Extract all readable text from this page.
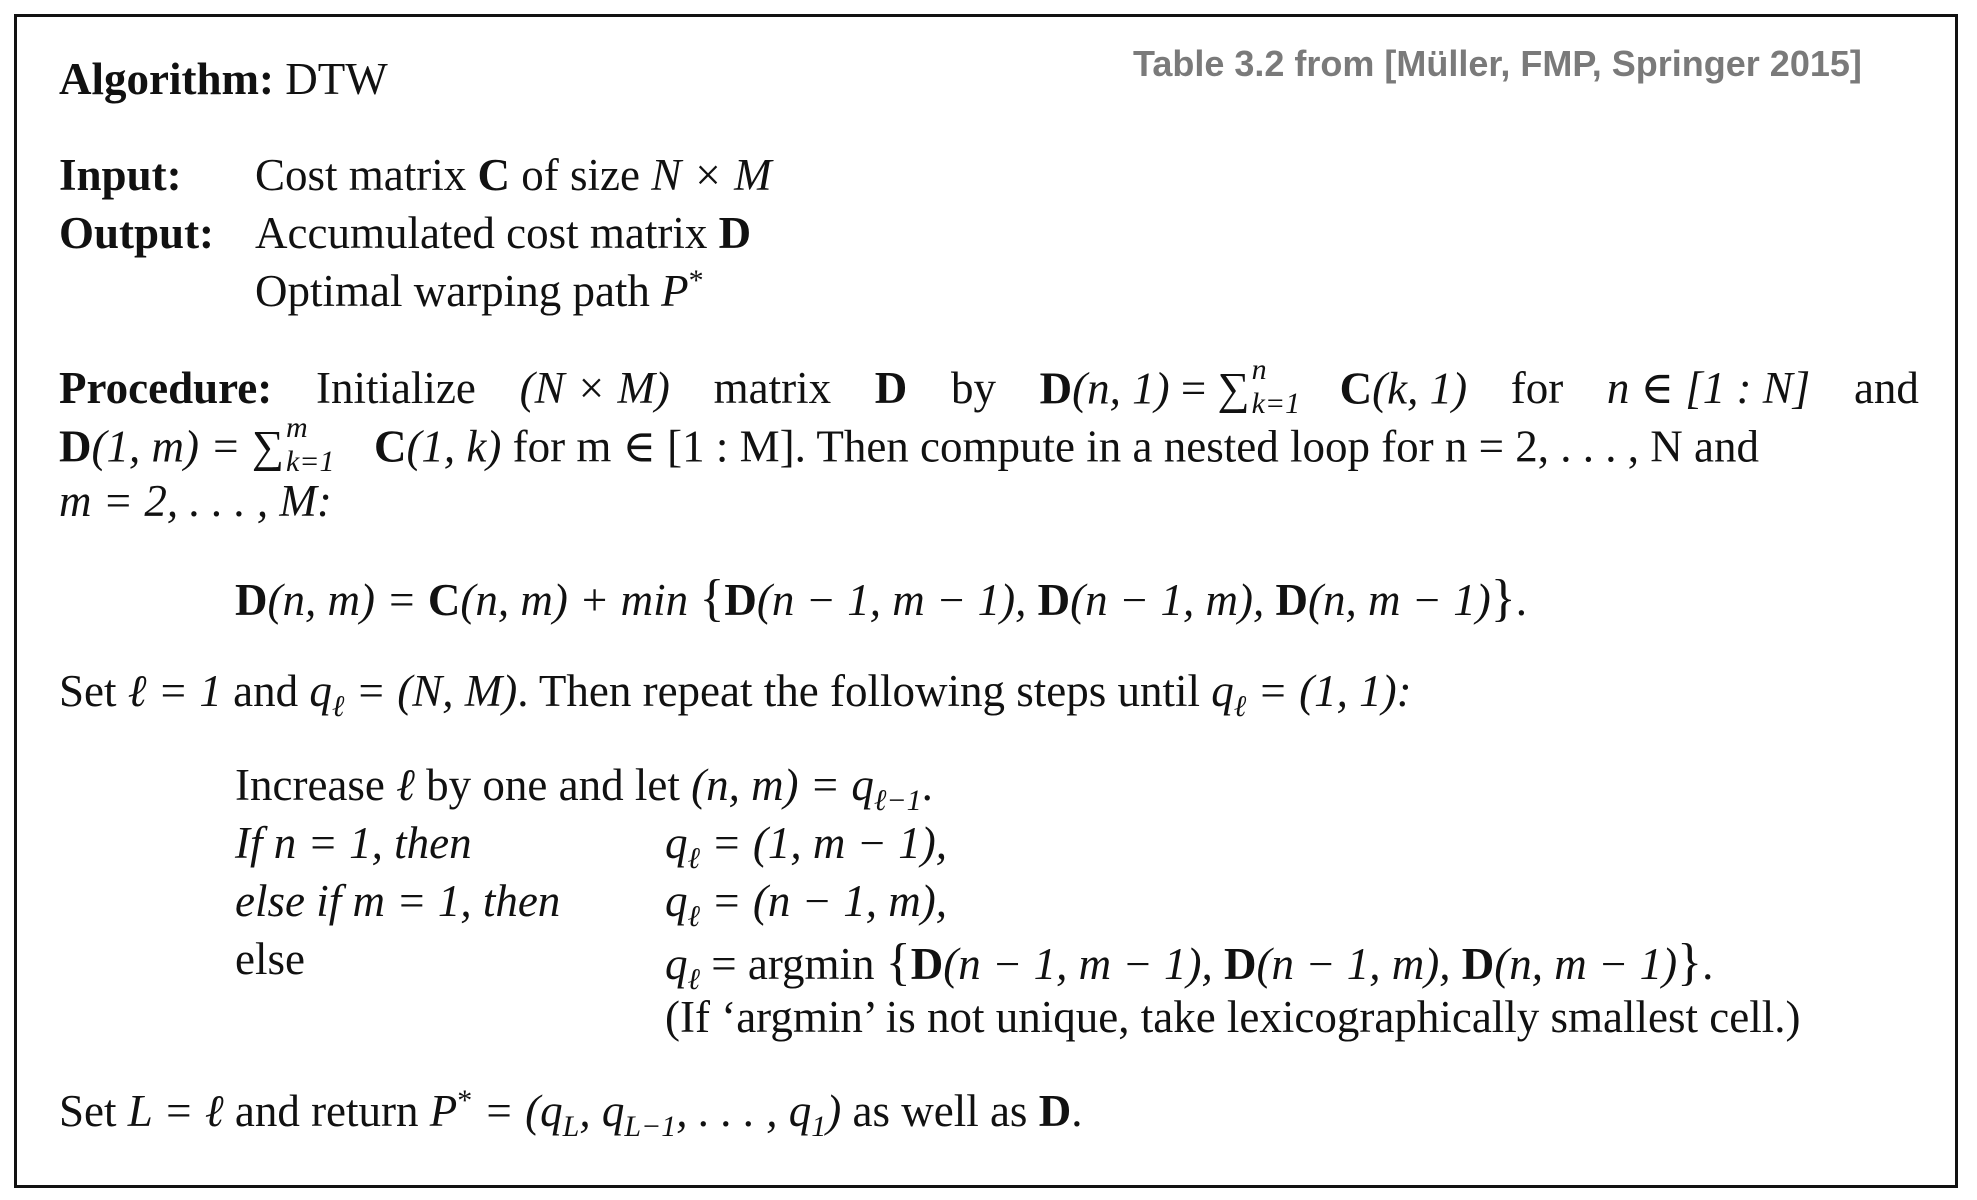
Table 3.2 from [Müller, FMP, Springer 2015]
Algorithm: DTW
Input: Cost matrix C of size N × M
Output: Accumulated cost matrix D
Optimal warping path P*
Procedure: Initialize (N × M) matrix D by D(n, 1) = ∑ n
k=1 C(k, 1) for n ∈ [1 : N] and
D(1, m) = ∑ m
k=1 C(1, k) for m ∈ [1 : M]. Then compute in a nested loop for n = 2, . . . , N and
m = 2, . . . , M:
D(n, m) = C(n, m) + min {D(n − 1, m − 1), D(n − 1, m), D(n, m − 1)}.
Set ℓ = 1 and $q_\ell = (N$, M). Then repeat the following steps until $q_\ell = (1$, 1):
Increase ℓ by one and let (n, $m) = q_{\ell-1}$.
If n = 1, then
else if m = 1, then
else
$q_\ell = (1$, m − 1),
$q_\ell = (n - 1$, m),
$q_\ell = argmin$ {D(n − 1, m − 1), D(n − 1, m), D(n, m − 1)}.
(If ‘argmin’ is not unique, take lexicographically smallest cell.)
Set L = ℓ and return $P^* = (q_L$, $q_{L-1}$, . . . , $q_1$) as well as D.
